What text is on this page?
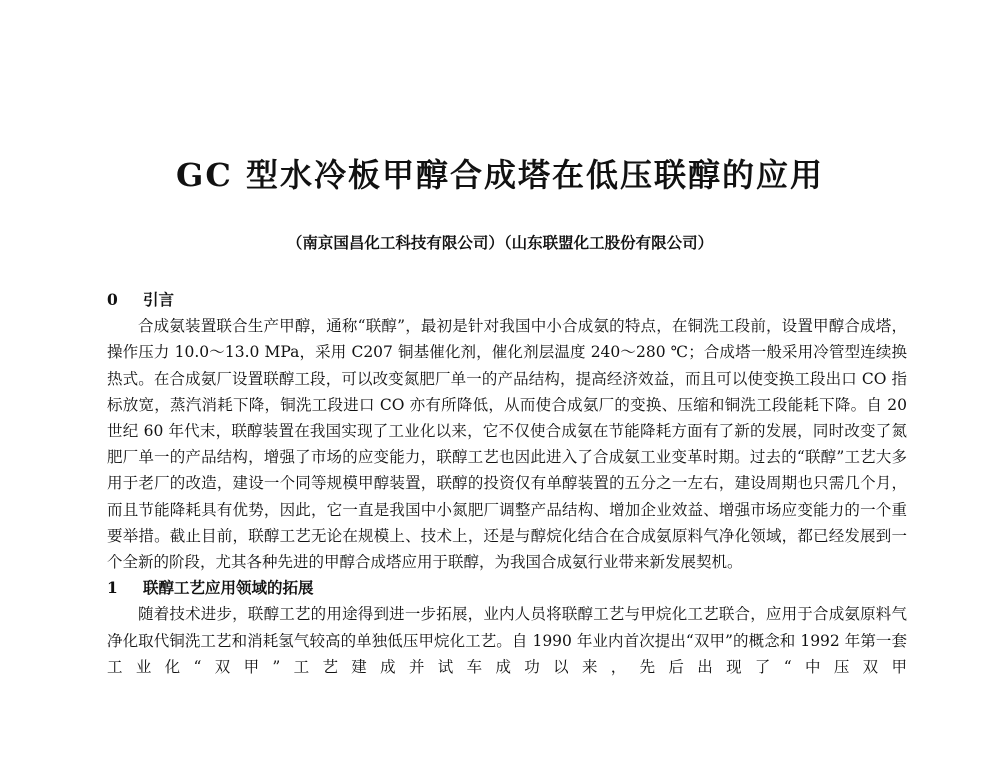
GC 型水冷板甲醇合成塔在低压联醇的应用
（南京国昌化工科技有限公司）（山东联盟化工股份有限公司）
0 引言

合成氨装置联合生产甲醇，通称“联醇”，最初是针对我国中小合成氨的特点，在铜洗工段前，设置甲醇合成塔，操作压力 10.0～13.0 MPa，采用 C207 铜基催化剂，催化剂层温度 240～280 ℃；合成塔一般采用冷管型连续换热式。在合成氨厂设置联醇工段，可以改变氮肥厂单一的产品结构，提高经济效益，而且可以使变换工段出口 CO 指标放宽，蒸汽消耗下降，铜洗工段进口 CO 亦有所降低，从而使合成氨厂的变换、压缩和铜洗工段能耗下降。自 20 世纪 60 年代末，联醇装置在我国实现了工业化以来，它不仅使合成氨在节能降耗方面有了新的发展，同时改变了氮肥厂单一的产品结构，增强了市场的应变能力，联醇工艺也因此进入了合成氨工业变革时期。过去的“联醇”工艺大多用于老厂的改造，建设一个同等规模甲醇装置，联醇的投资仅有单醇装置的五分之一左右，建设周期也只需几个月，而且节能降耗具有优势，因此，它一直是我国中小氮肥厂调整产品结构、增加企业效益、增强市场应变能力的一个重要举措。截止目前，联醇工艺无论在规模上、技术上，还是与醇烷化结合在合成氨原料气净化领域，都已经发展到一个全新的阶段，尤其各种先进的甲醇合成塔应用于联醇，为我国合成氨行业带来新发展契机。

1 联醇工艺应用领域的拓展

随着技术进步，联醇工艺的用途得到进一步拓展，业内人员将联醇工艺与甲烷化工艺联合，应用于合成氨原料气净化取代铜洗工艺和消耗氢气较高的单独低压甲烷化工艺。自 1990 年业内首次提出“双甲”的概念和 1992 年第一套工业化“双甲”工艺建成并试车成功以来，先后出现了“中压双甲
